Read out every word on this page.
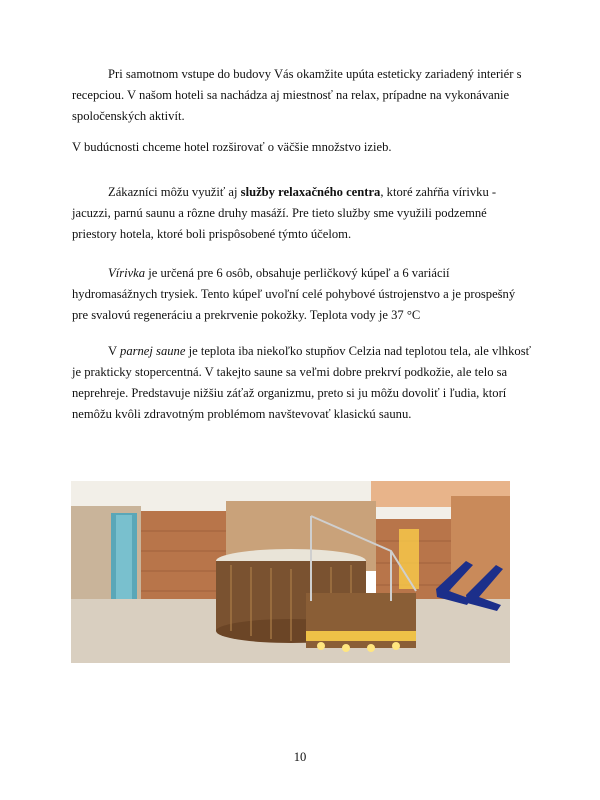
Pri samotnom vstupe do budovy Vás okamžite upúta esteticky zariadený interiér s recepciou. V našom hoteli sa nachádza aj miestnosť na relax, prípadne na vykonávanie spoločenských aktivít.

V budúcnosti chceme hotel rozširovať o väčšie množstvo izieb.

Zákazníci môžu využiť aj služby relaxačného centra, ktoré zahŕňa vírivku - jacuzzi, parnú saunu a rôzne druhy masáží. Pre tieto služby sme využili podzemné priestory hotela, ktoré boli prispôsobené týmto účelom.

Vírivka je určená pre 6 osôb, obsahuje perličkový kúpeľ a 6 variácií hydromasážnych trysiek. Tento kúpeľ uvoľní celé pohybové ústrojenstvo a je prospešný pre svalovú regeneráciu a prekrvenie pokožky. Teplota vody je 37 °C

V parnej saune je teplota iba niekoľko stupňov Celzia nad teplotou tela, ale vlhkosť je prakticky stopercentná. V takejto saune sa veľmi dobre prekrví podkožie, ale telo sa neprehreje. Predstavuje nižšiu záťaž organizmu, preto si ju môžu dovoliť i ľudia, ktorí nemôžu kvôli zdravotným problémom navštevovať klasickú saunu.

10
